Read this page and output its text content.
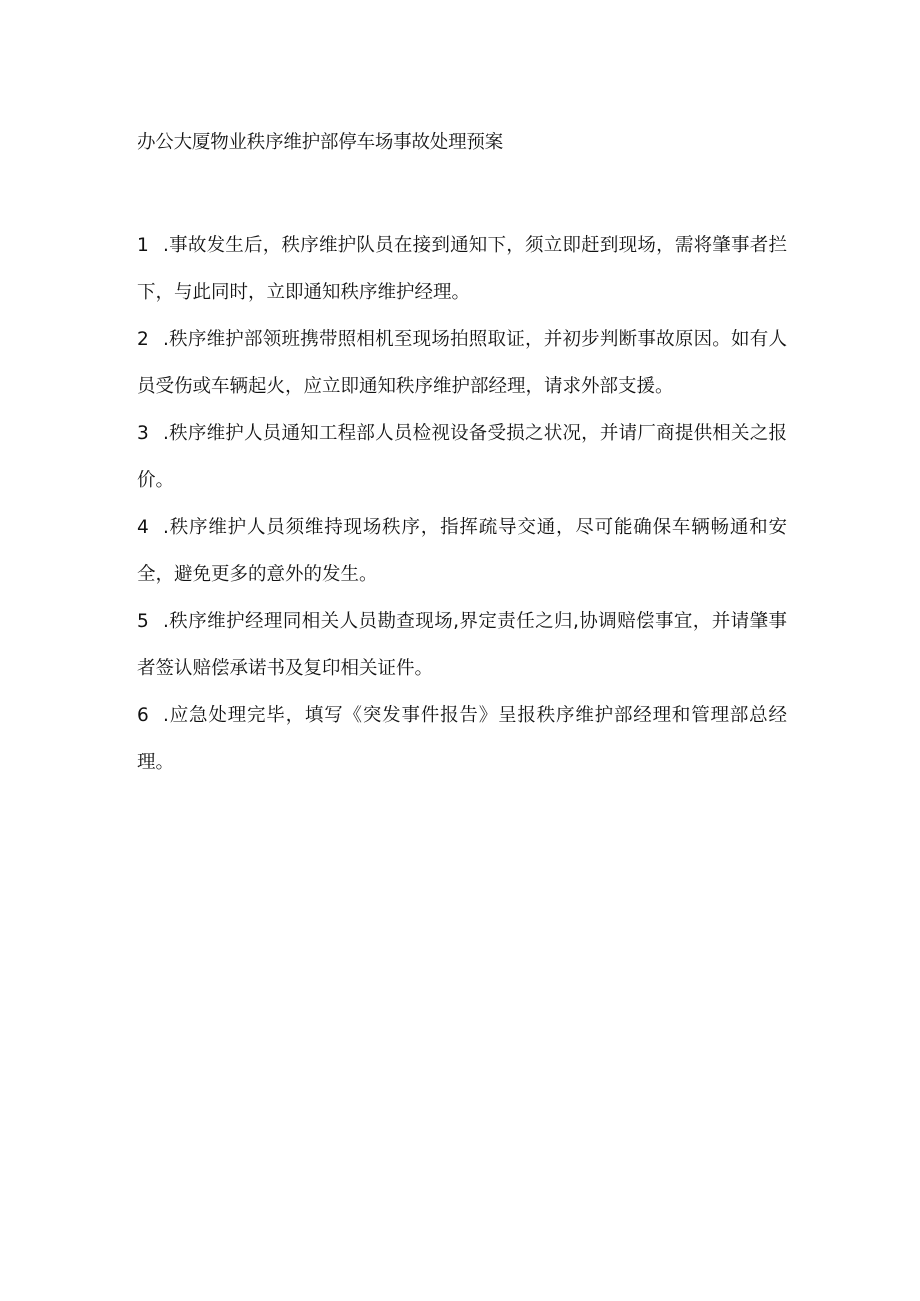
办公大厦物业秩序维护部停车场事故处理预案
1 .事故发生后，秩序维护队员在接到通知下，须立即赶到现场，需将肇事者拦下，与此同时，立即通知秩序维护经理。
2 .秩序维护部领班携带照相机至现场拍照取证，并初步判断事故原因。如有人员受伤或车辆起火，应立即通知秩序维护部经理，请求外部支援。
3 .秩序维护人员通知工程部人员检视设备受损之状况，并请厂商提供相关之报价。
4 .秩序维护人员须维持现场秩序，指挥疏导交通，尽可能确保车辆畅通和安全，避免更多的意外的发生。
5 .秩序维护经理同相关人员勘查现场,界定责任之归,协调赔偿事宜，并请肇事者签认赔偿承诺书及复印相关证件。
6 .应急处理完毕，填写《突发事件报告》呈报秩序维护部经理和管理部总经理。
